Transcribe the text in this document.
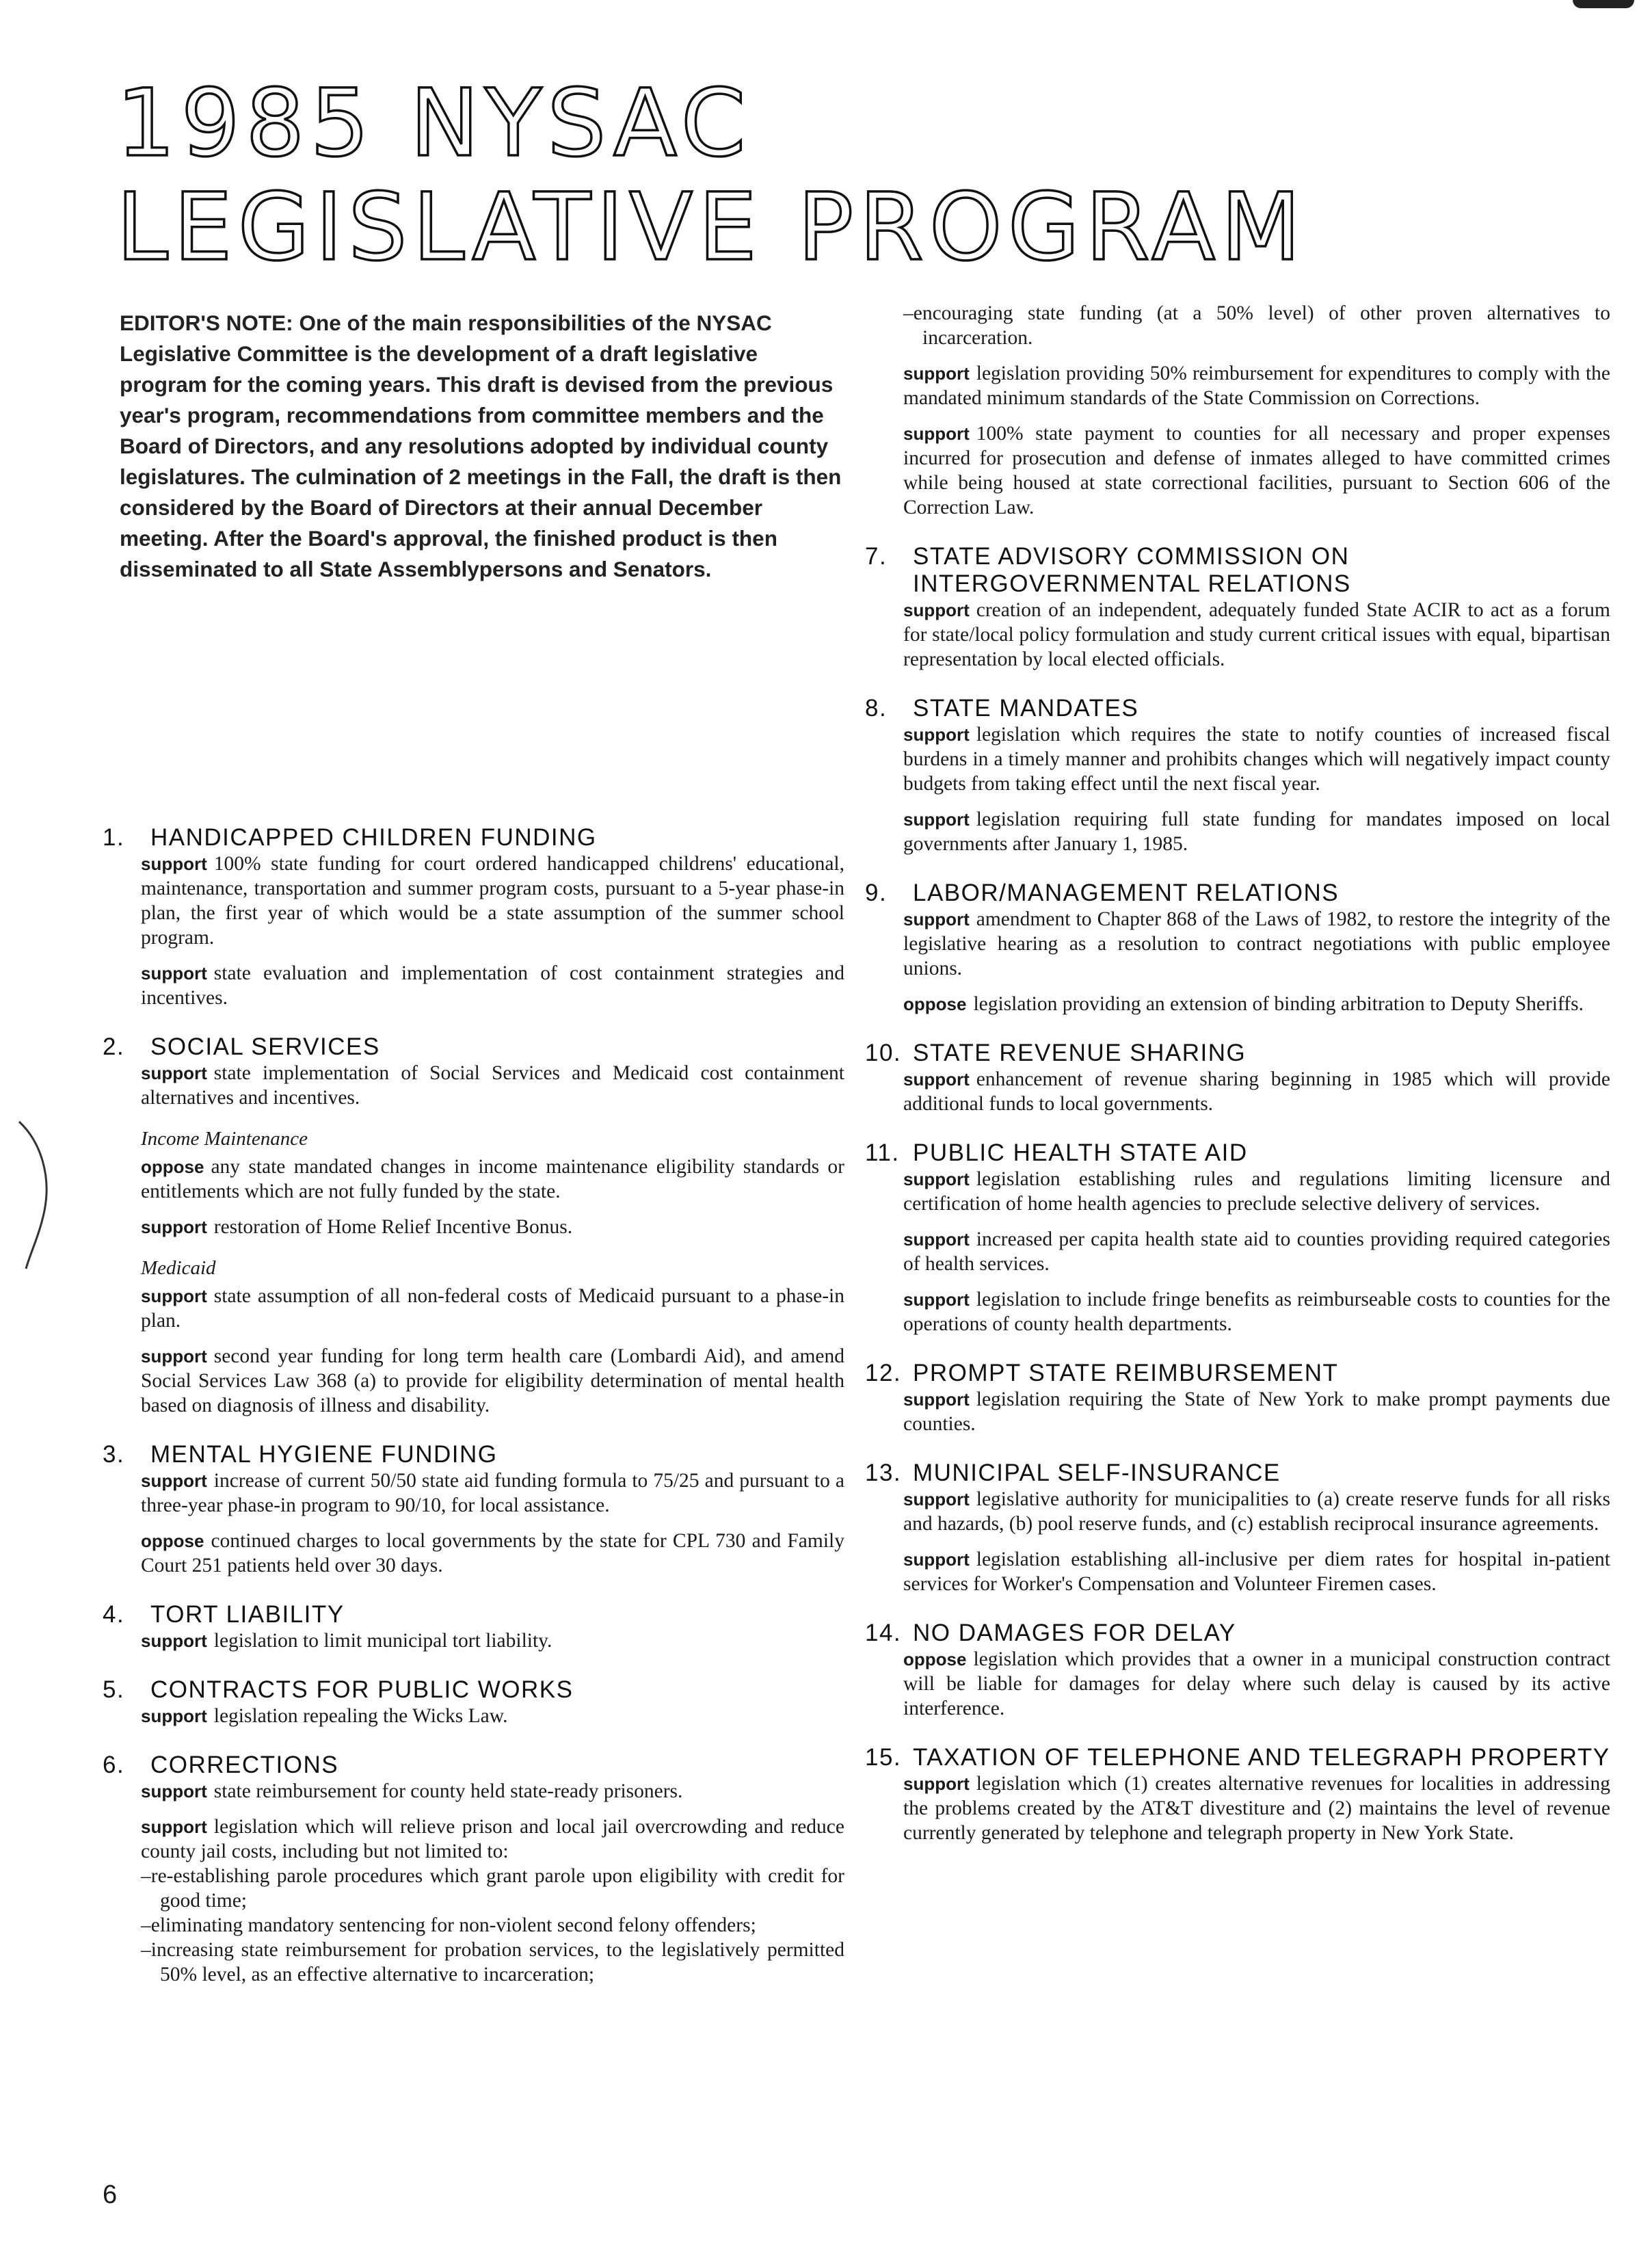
1985 NYSAC
LEGISLATIVE PROGRAM

EDITOR'S NOTE: One of the main responsibilities of the NYSAC Legislative Committee is the development of a draft legislative program for the coming years. This draft is devised from the previous year's program, recommendations from committee members and the Board of Directors, and any resolutions adopted by individual county legislatures. The culmination of 2 meetings in the Fall, the draft is then considered by the Board of Directors at their annual December meeting. After the Board's approval, the finished product is then disseminated to all State Assemblypersons and Senators.

1.	HANDICAPPED CHILDREN FUNDING

support 100% state funding for court ordered handicapped childrens' educational, maintenance, transportation and summer program costs, pursuant to a 5-year phase-in plan, the first year of which would be a state assumption of the summer school program.

support state evaluation and implementation of cost containment strategies and incentives.

2.	SOCIAL SERVICES

support state implementation of Social Services and Medicaid cost containment alternatives and incentives.

Income Maintenance

oppose any state mandated changes in income maintenance eligibility standards or entitlements which are not fully funded by the state.

support restoration of Home Relief Incentive Bonus.

Medicaid

support state assumption of all non-federal costs of Medicaid pursuant to a phase-in plan.

support second year funding for long term health care (Lombardi Aid), and amend Social Services Law 368 (a) to provide for eligibility determination of mental health based on diagnosis of illness and disability.

3.	MENTAL HYGIENE FUNDING

support increase of current 50/50 state aid funding formula to 75/25 and pursuant to a three-year phase-in program to 90/10, for local assistance.

oppose continued charges to local governments by the state for CPL 730 and Family Court 251 patients held over 30 days.

4.	TORT LIABILITY

support legislation to limit municipal tort liability.

5.	CONTRACTS FOR PUBLIC WORKS

support legislation repealing the Wicks Law.

6.	CORRECTIONS

support state reimbursement for county held state-ready prisoners.

support legislation which will relieve prison and local jail overcrowding and reduce county jail costs, including but not limited to:

–re-establishing parole procedures which grant parole upon eligibility with credit for good time;
–eliminating mandatory sentencing for non-violent second felony offenders;
–increasing state reimbursement for probation services, to the legislatively permitted 50% level, as an effective alternative to incarceration;
–encouraging state funding (at a 50% level) of other proven alternatives to incarceration.

support legislation providing 50% reimbursement for expenditures to comply with the mandated minimum standards of the State Commission on Corrections.

support 100% state payment to counties for all necessary and proper expenses incurred for prosecution and defense of inmates alleged to have committed crimes while being housed at state correctional facilities, pursuant to Section 606 of the Correction Law.

7.	STATE ADVISORY COMMISSION ON INTERGOVERNMENTAL RELATIONS

support creation of an independent, adequately funded State ACIR to act as a forum for state/local policy formulation and study current critical issues with equal, bipartisan representation by local elected officials.

8.	STATE MANDATES

support legislation which requires the state to notify counties of increased fiscal burdens in a timely manner and prohibits changes which will negatively impact county budgets from taking effect until the next fiscal year.

support legislation requiring full state funding for mandates imposed on local governments after January 1, 1985.

9.	LABOR/MANAGEMENT RELATIONS

support amendment to Chapter 868 of the Laws of 1982, to restore the integrity of the legislative hearing as a resolution to contract negotiations with public employee unions.

oppose legislation providing an extension of binding arbitration to Deputy Sheriffs.

10. STATE REVENUE SHARING

support enhancement of revenue sharing beginning in 1985 which will provide additional funds to local governments.

11. PUBLIC HEALTH STATE AID

support legislation establishing rules and regulations limiting licensure and certification of home health agencies to preclude selective delivery of services.

support increased per capita health state aid to counties providing required categories of health services.

support legislation to include fringe benefits as reimburseable costs to counties for the operations of county health departments.

12. PROMPT STATE REIMBURSEMENT

support legislation requiring the State of New York to make prompt payments due counties.

13. MUNICIPAL SELF-INSURANCE

support legislative authority for municipalities to (a) create reserve funds for all risks and hazards, (b) pool reserve funds, and (c) establish reciprocal insurance agreements.

support legislation establishing all-inclusive per diem rates for hospital in-patient services for Worker's Compensation and Volunteer Firemen cases.

14. NO DAMAGES FOR DELAY

oppose legislation which provides that a owner in a municipal construction contract will be liable for damages for delay where such delay is caused by its active interference.

15. TAXATION OF TELEPHONE AND TELEGRAPH PROPERTY

support legislation which (1) creates alternative revenues for localities in addressing the problems created by the AT&T divestiture and (2) maintains the level of revenue currently generated by telephone and telegraph property in New York State.

6
